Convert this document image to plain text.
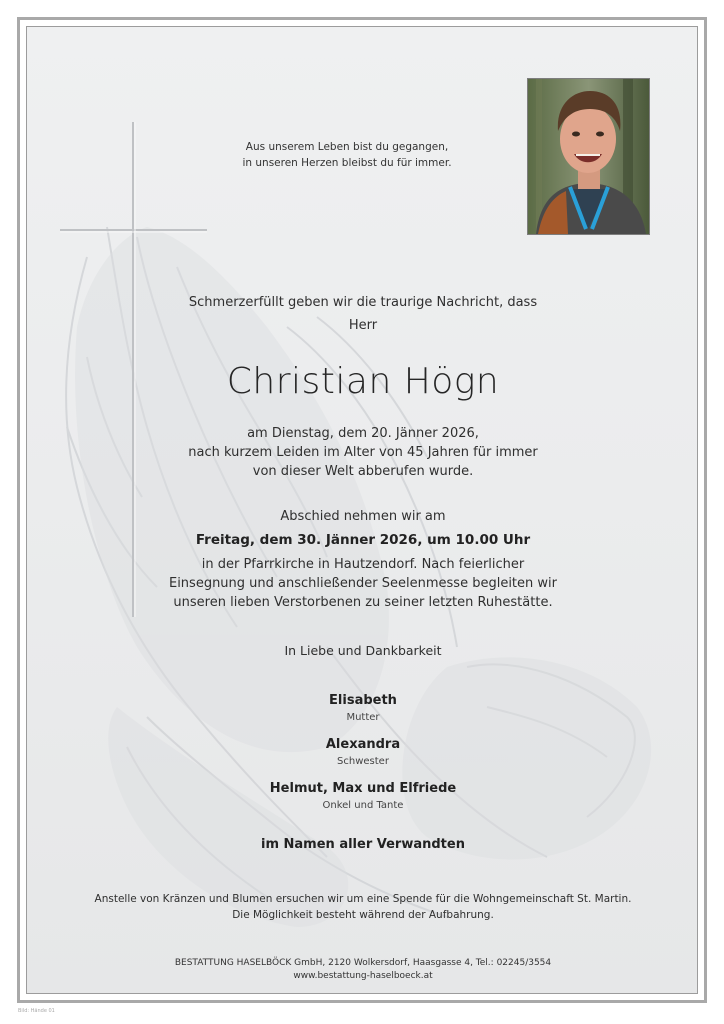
Aus unserem Leben bist du gegangen,
in unseren Herzen bleibst du für immer.
Schmerzerfüllt geben wir die traurige Nachricht, dass
Herr
Christian Högn
am Dienstag, dem 20. Jänner 2026,
nach kurzem Leiden im Alter von 45 Jahren für immer
von dieser Welt abberufen wurde.
Abschied nehmen wir am
Freitag, dem 30. Jänner 2026, um 10.00 Uhr
in der Pfarrkirche in Hautzendorf. Nach feierlicher
Einsegnung und anschließender Seelenmesse begleiten wir
unseren lieben Verstorbenen zu seiner letzten Ruhestätte.
In Liebe und Dankbarkeit
Elisabeth
Mutter
Alexandra
Schwester
Helmut, Max und Elfriede
Onkel und Tante
im Namen aller Verwandten
Anstelle von Kränzen und Blumen ersuchen wir um eine Spende für die Wohngemeinschaft St. Martin.
Die Möglichkeit besteht während der Aufbahrung.
BESTATTUNG HASELBÖCK GmbH, 2120 Wolkersdorf, Haasgasse 4, Tel.: 02245/3554
www.bestattung-haselboeck.at
Bild: Hände 01
